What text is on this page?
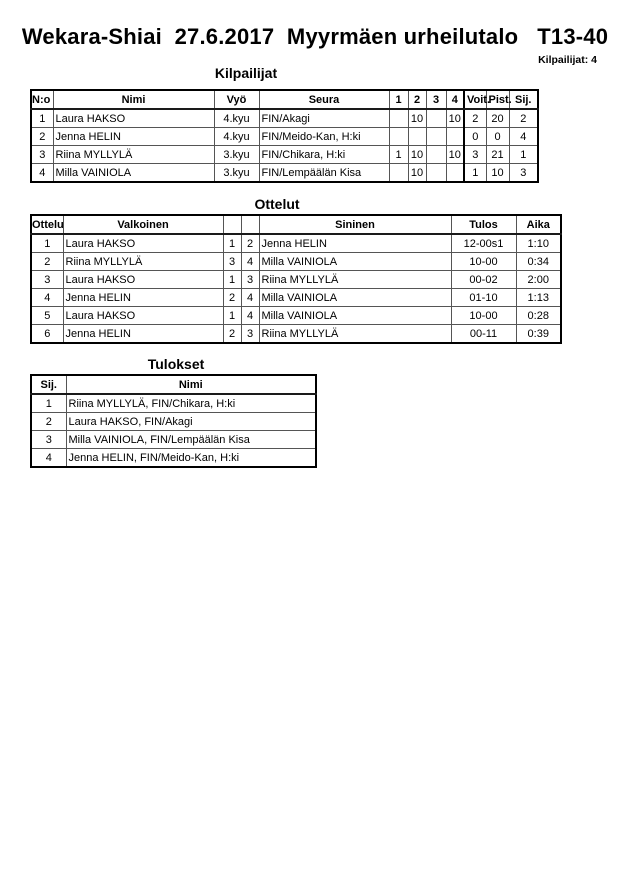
Wekara-Shiai  27.6.2017  Myyrmäen urheilutalo   T13-40
Kilpailijat: 4
Kilpailijat
N:o	Nimi	Vyö	Seura	1	2	3	4	Voit.	Pist.	Sij.
1	Laura HAKSO	4.kyu	FIN/Akagi		10		10	2	20	2
2	Jenna HELIN	4.kyu	FIN/Meido-Kan, H:ki					0	0	4
3	Riina MYLLYLÄ	3.kyu	FIN/Chikara, H:ki	1	10		10	3	21	1
4	Milla VAINIOLA	3.kyu	FIN/Lempäälän Kisa		10			1	10	3
Ottelut
Ottelu	Valkoinen			Sininen	Tulos	Aika
1	Laura HAKSO	1	2	Jenna HELIN	12-00s1	1:10
2	Riina MYLLYLÄ	3	4	Milla VAINIOLA	10-00	0:34
3	Laura HAKSO	1	3	Riina MYLLYLÄ	00-02	2:00
4	Jenna HELIN	2	4	Milla VAINIOLA	01-10	1:13
5	Laura HAKSO	1	4	Milla VAINIOLA	10-00	0:28
6	Jenna HELIN	2	3	Riina MYLLYLÄ	00-11	0:39
Tulokset
Sij.	Nimi
1	Riina MYLLYLÄ, FIN/Chikara, H:ki
2	Laura HAKSO, FIN/Akagi
3	Milla VAINIOLA, FIN/Lempäälän Kisa
4	Jenna HELIN, FIN/Meido-Kan, H:ki
